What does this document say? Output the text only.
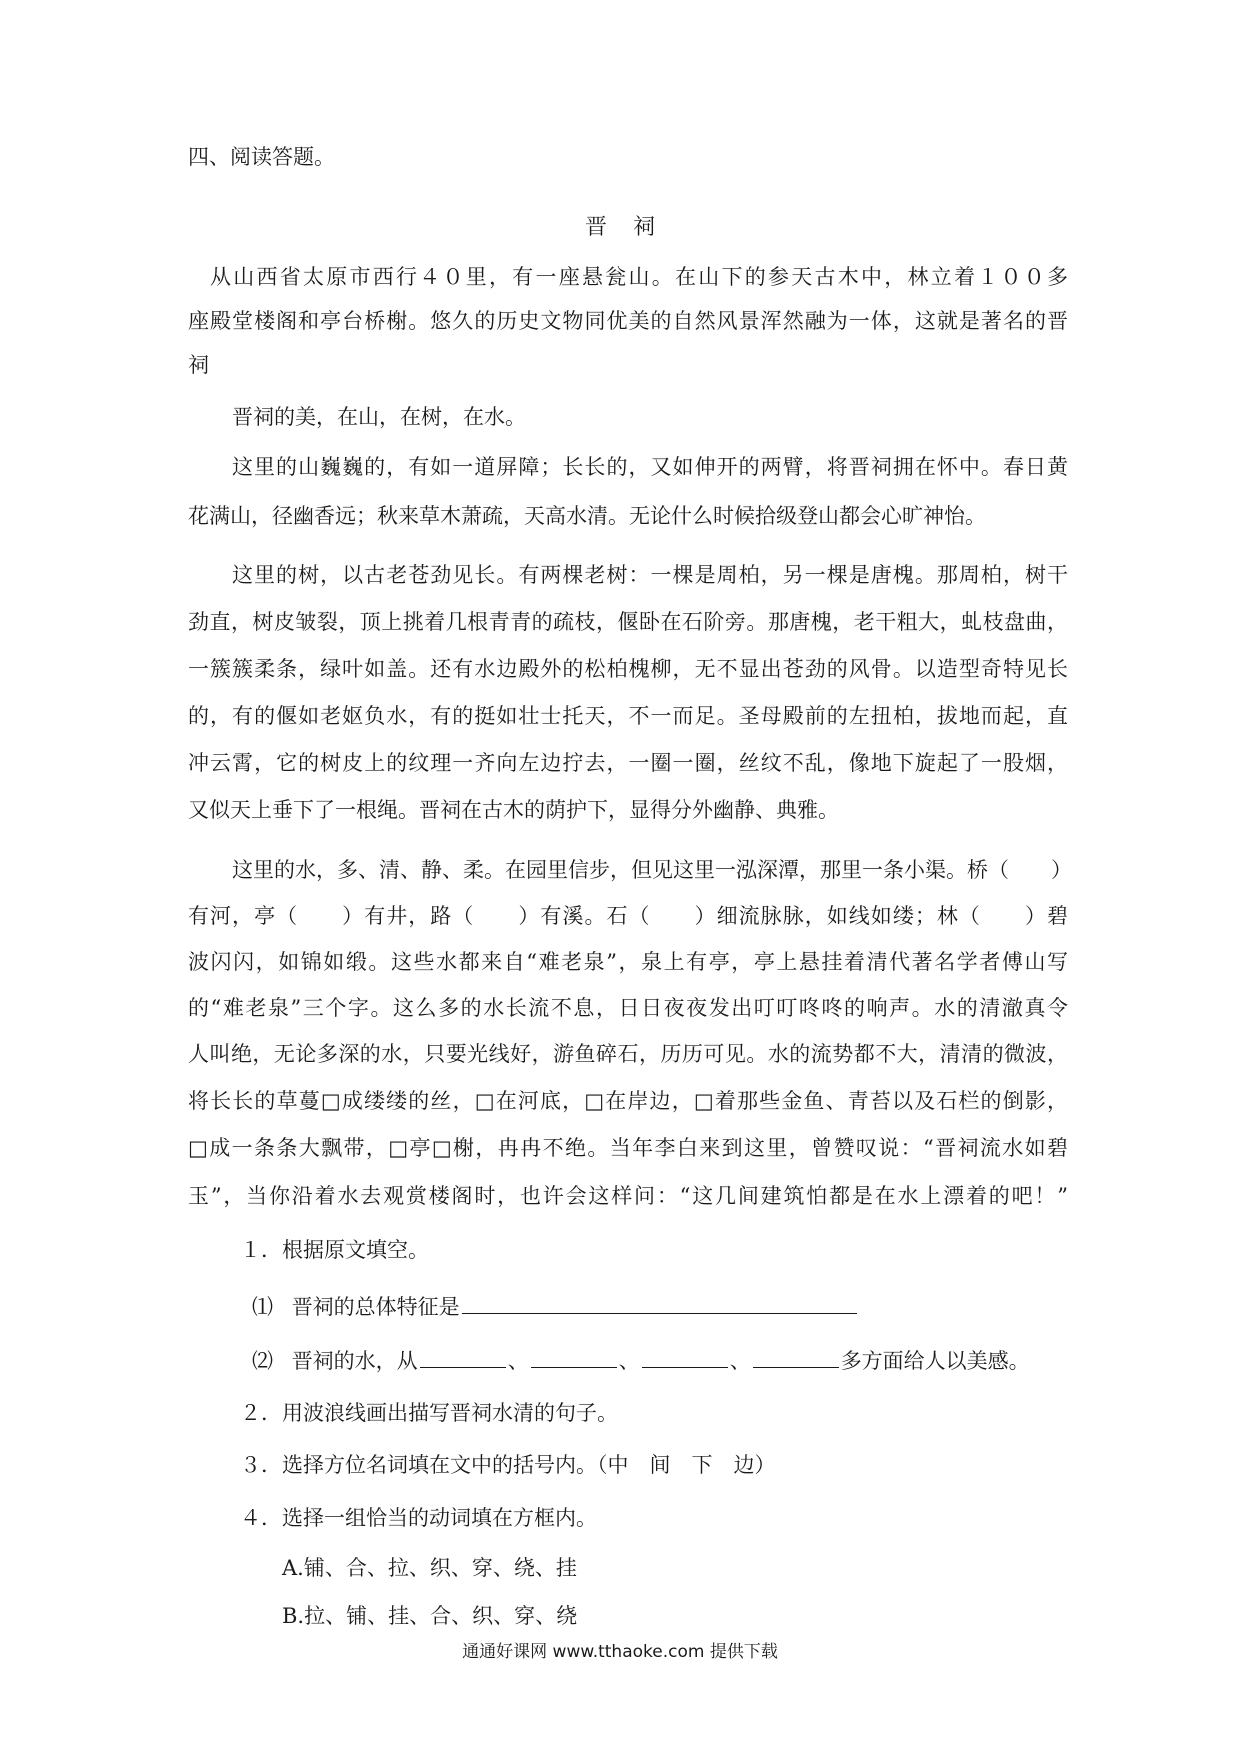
四、阅读答题。
晋祠
从山西省太原市西行４０里，有一座悬瓮山。在山下的参天古木中，林立着１００多
座殿堂楼阁和亭台桥榭。悠久的历史文物同优美的自然风景浑然融为一体，这就是著名的晋
祠
晋祠的美，在山，在树，在水。
这里的山巍巍的，有如一道屏障；长长的，又如伸开的两臂，将晋祠拥在怀中。春日黄
花满山，径幽香远；秋来草木萧疏，天高水清。无论什么时候拾级登山都会心旷神怡。
这里的树，以古老苍劲见长。有两棵老树：一棵是周柏，另一棵是唐槐。那周柏，树干
劲直，树皮皱裂，顶上挑着几根青青的疏枝，偃卧在石阶旁。那唐槐，老干粗大，虬枝盘曲，
一簇簇柔条，绿叶如盖。还有水边殿外的松柏槐柳，无不显出苍劲的风骨。以造型奇特见长
的，有的偃如老妪负水，有的挺如壮士托天，不一而足。圣母殿前的左扭柏，拔地而起，直
冲云霄，它的树皮上的纹理一齐向左边拧去，一圈一圈，丝纹不乱，像地下旋起了一股烟，
又似天上垂下了一根绳。晋祠在古木的荫护下，显得分外幽静、典雅。
这里的水，多、清、静、柔。在园里信步，但见这里一泓深潭，那里一条小渠。桥（　　）
有河，亭（　　）有井，路（　　）有溪。石（　　）细流脉脉，如线如缕；林（　　）碧
波闪闪，如锦如缎。这些水都来自“难老泉”，泉上有亭，亭上悬挂着清代著名学者傅山写
的“难老泉”三个字。这么多的水长流不息，日日夜夜发出叮叮咚咚的响声。水的清澈真令
人叫绝，无论多深的水，只要光线好，游鱼碎石，历历可见。水的流势都不大，清清的微波，
将长长的草蔓□成缕缕的丝，□在河底，□在岸边，□着那些金鱼、青苔以及石栏的倒影，
□成一条条大飘带，□亭□榭，冉冉不绝。当年李白来到这里，曾赞叹说：“晋祠流水如碧
玉”，当你沿着水去观赏楼阁时，也许会这样问：“这几间建筑怕都是在水上漂着的吧！”
１．根据原文填空。
⑴ 晋祠的总体特征是
⑵ 晋祠的水，从	、	、	、	多方面给人以美感。
２．用波浪线画出描写晋祠水清的句子。
３．选择方位名词填在文中的括号内。（中　间　下　边）
４．选择一组恰当的动词填在方框内。
A.铺、合、拉、织、穿、绕、挂
B.拉、铺、挂、合、织、穿、绕
通通好课网 www.tthaoke.com 提供下载
